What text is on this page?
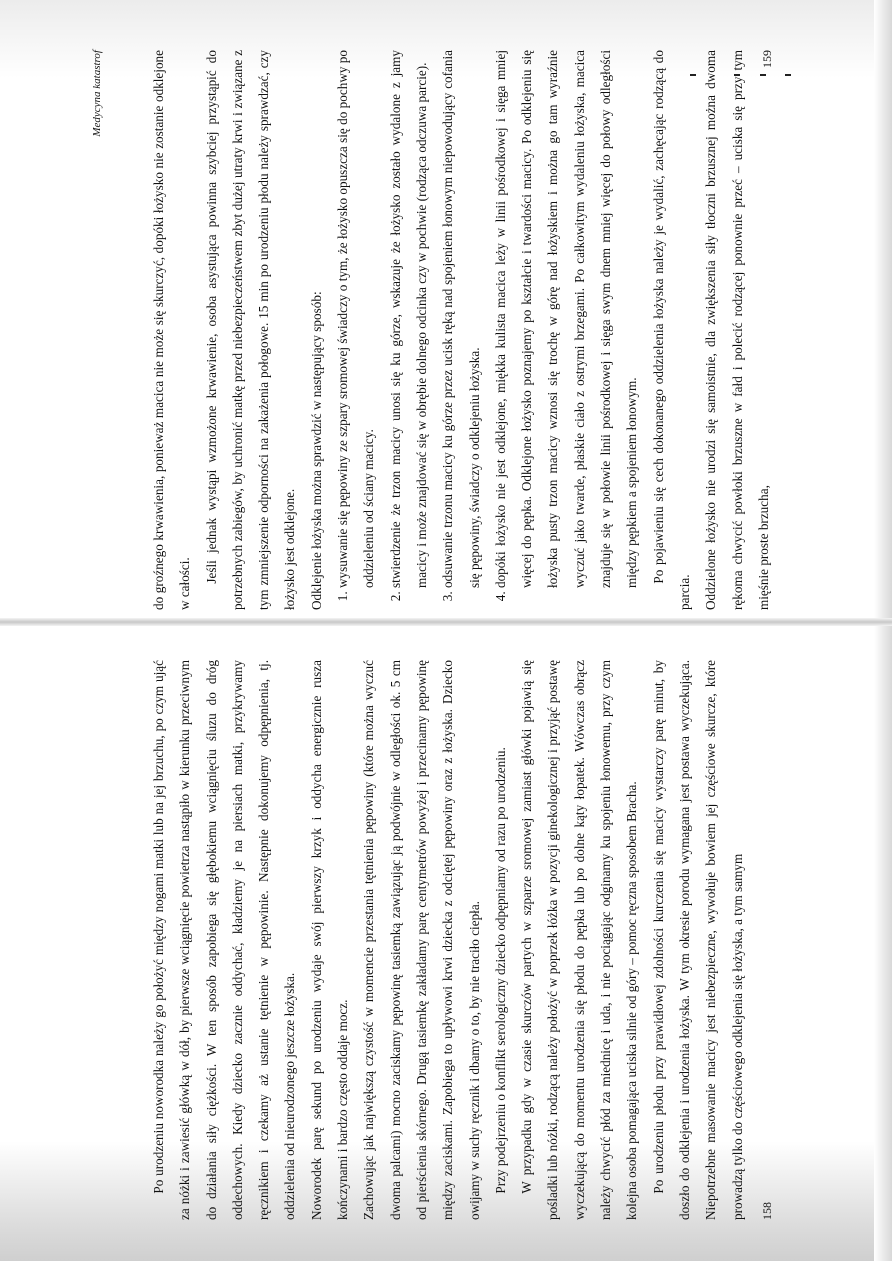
Po urodzeniu noworodka należy go położyć między nogami matki lub na jej brzuchu, po czym ująć za nóżki i zawiesić główką w dół, by pierwsze wciągnięcie powietrza nastąpiło w kierunku przeciwnym do działania siły ciężkości. W ten sposób zapobiega się głębokiemu wciągnięciu śluzu do dróg oddechowych. Kiedy dziecko zacznie oddychać, kładziemy je na piersiach matki, przykrywamy ręcznikiem i czekamy aż ustanie tętnienie w pępowinie. Następnie dokonujemy odpępnienia, tj. oddzielenia od nieurodzonego jeszcze łożyska. Noworodek parę sekund po urodzeniu wydaje swój pierwszy krzyk i oddycha energicznie rusza kończynami i bardzo często oddaje mocz. Zachowując jak największą czystość w momencie przestania tętnienia pępowiny (które można wyczuć dwoma palcami) mocno zaciskamy pępowinę tasiemką zawiązując ją podwójnie w odległości ok. 5 cm od pierścienia skórnego. Drugą tasiemkę zakładamy parę centymetrów powyżej i przecinamy pępowinę między zaciskami. Zapobiega to upływowi krwi dziecka z odciętej pępowiny oraz z łożyska. Dziecko owijamy w suchy ręcznik i dbamy o to, by nie traciło ciepła. Przy podejrzeniu o konflikt serologiczny dziecko odpępniamy od razu po urodzeniu. W przypadku gdy w czasie skurczów partych w szparze sromowej zamiast główki pojawią się pośladki lub nóżki, rodzącą należy położyć w poprzek łóżka w pozycji ginekologicznej i przyjąć postawę wyczekującą do momentu urodzenia się płodu do pępka lub po dolne kąty łopatek. Wówczas obrącz należy chwycić płód za miednicę i uda, i nie pociągając odginamy ku spojeniu łonowemu, przy czym kolejna osoba pomagająca uciska silnie od góry – pomoc ręczna sposobem Bracha. Po urodzeniu płodu przy prawidłowej zdolności kurczenia się macicy wystarczy parę minut, by doszło do odklejenia i urodzenia łożyska. W tym okresie porodu wymagana jest postawa wyczekująca. Niepotrzebne masowanie macicy jest niebezpieczne, wywołuje bowiem jej częściowe skurcze, które prowadzą tylko do częściowego odklejenia się łożyska, a tym samym	158
Medycyna katastrof	do groźnego krwawienia, ponieważ macica nie może się skurczyć, dopóki łożysko nie zostanie odklejone w całości.

Jeśli jednak wystąpi wzmożone krwawienie, osoba asystująca powinna szybciej przystąpić do potrzebnych zabiegów, by uchronić matkę przed niebezpieczeństwem zbyt dużej utraty krwi i związane z tym zmniejszenie odporności na zakażenia połogowe. 15 min po urodzeniu płodu należy sprawdzać, czy łożysko jest odklejone. Odklejenie łożyska można sprawdzić w następujący sposób: 1. wysuwanie się pępowiny ze szpary sromowej świadczy o tym, że łożysko opuszcza się do pochwy po oddzieleniu od ściany macicy. 2. stwierdzenie że trzon macicy unosi się ku górze, wskazuje że łożysko zostało wydalone z jamy macicy i może znajdować się w obrębie dolnego odcinka czy w pochwie (rodząca odczuwa parcie). 3. odsuwanie trzonu macicy ku górze przez ucisk ręką nad spojeniem łonowym niepowodujący cofania się pępowiny, świadczy o odklejeniu łożyska. 4. dopóki łożysko nie jest odklejone, miękka kulista macica leży w linii pośrodkowej i sięga mniej więcej do pępka. Odklejone łożysko poznajemy po kształcie i twardości macicy. Po odklejeniu się łożyska pusty trzon macicy wznosi się trochę w górę nad łożyskiem i można go tam wyraźnie wyczuć jako twarde, płaskie ciało z ostrymi brzegami. Po całkowitym wydaleniu łożyska, macica znajduje się w połowie linii pośrodkowej i sięga swym dnem mniej więcej do połowy odległości między pępkiem a spojeniem łonowym. Po pojawieniu się cech dokonanego oddzielenia łożyska należy je wydalić, zachęcając rodzącą do parcia. Oddzielone łożysko nie urodzi się samoistnie, dla zwiększenia siły tłoczni brzusznej można dwoma rękoma chwycić powłoki brzuszne w fałd i polecić rodzącej ponownie przeć – uciska się przy tym mięśnie proste brzucha,

159
